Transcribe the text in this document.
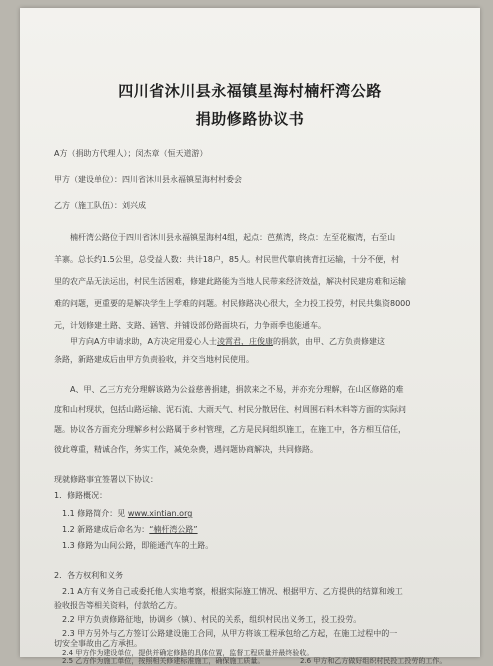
四川省沐川县永福镇星海村楠杆湾公路
捐助修路协议书
A方（捐助方代理人）；闵杰章（恒天道游）
甲方（建设单位）：四川省沐川县永福镇星海村村委会
乙方（施工队伍）：刘兴成
楠杆湾公路位于四川省沐川县永福镇星海村4组，起点：芭蕉湾，终点：左至花椒湾，右至山
羊寨。总长约1.5公里，总受益人数：共计18户，85人。村民世代靠肩挑背扛运输，十分不便，村
里的农产品无法运出，村民生活困难，修建此路能为当地人民带来经济效益，解决村民建房难和运输
难的问题，更重要的是解决学生上学难的问题。村民修路决心很大，全力投工投劳，村民共集资8000
元，计划修建土路、支路、涵管、并铺设部份路面块石，力争雨季也能通车。
甲方向A方申请求助，A方决定用爱心人士凌霄君，庄俊康的捐款，由甲、乙方负责修建这
条路，新路建成后由甲方负责验收，并交当地村民使用。
A、甲、乙三方充分理解该路为公益慈善捐建，捐款来之不易，并亦充分理解，在山区修路的难
度和山村现状，包括山路运输、泥石流、大雨天气、村民分散居住、村周围石料木料等方面的实际问
题。协议各方面充分理解乡村公路属于乡村管理，乙方是民间组织施工，在施工中，各方相互信任，
彼此尊重，精诚合作，务实工作，减免杂费，遇问题协商解决，共同修路。
现就修路事宜签署以下协议：
1．修路概况：
1.1 修路简介：见 www.xintian.org
1.2 新路建成后命名为：“楠杆湾公路”
1.3 修路为山间公路，即能通汽车的土路。
2．各方权利和义务
2.1 A方有义务自己或委托他人实地考察，根据实际施工情况、根据甲方、乙方提供的结算和竣工
验收报告等相关资料，付款给乙方。
2.2 甲方负责修路征地，协调乡（镇）、村民的关系，组织村民出义务工，投工投劳。
2.3 甲方另外与乙方签订公路建设施工合同，从甲方将该工程承包给乙方起，在施工过程中的一
切安全事故由乙方承担。
2.4 甲方作为建设单位，提供并确定修路的具体位置，监督工程质量并最终验收。
2.5 乙方作为施工单位，按照相关修建标准施工，确保施工质量。	2.6 甲方和乙方做好组织村民投工投劳的工作。
